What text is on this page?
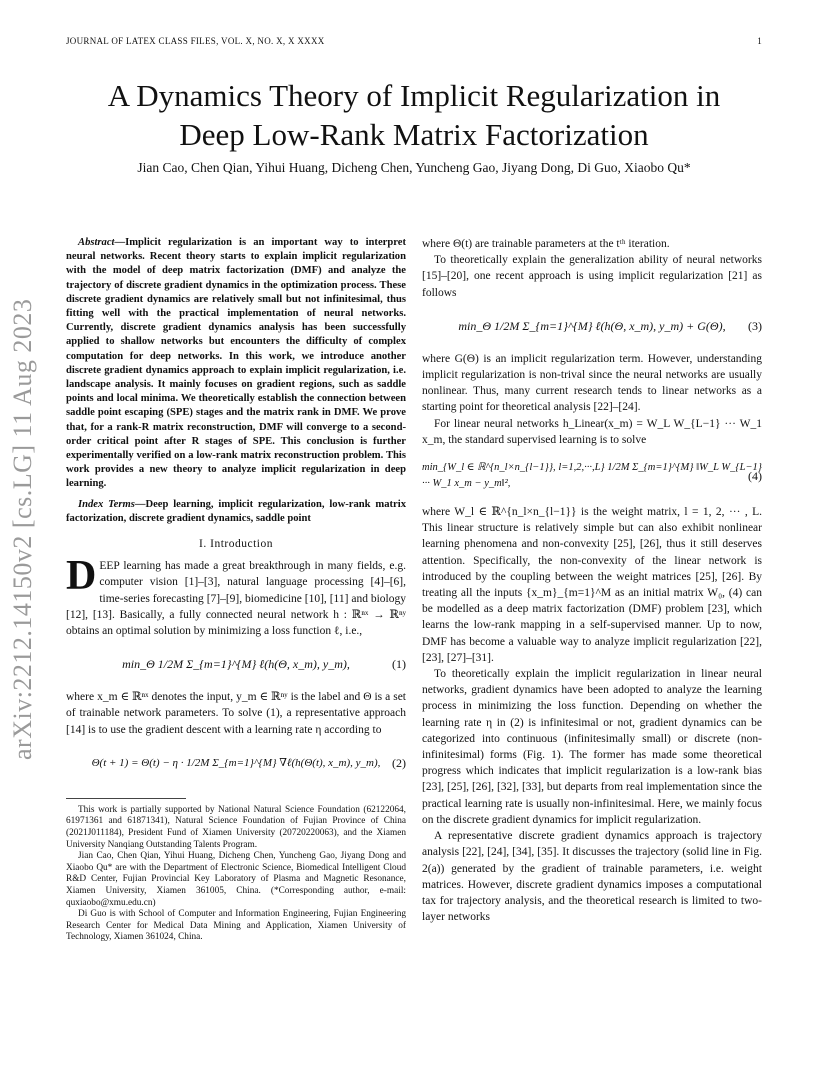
JOURNAL OF LATEX CLASS FILES, VOL. X, NO. X, X XXXX	1
A Dynamics Theory of Implicit Regularization in
Deep Low-Rank Matrix Factorization
Jian Cao, Chen Qian, Yihui Huang, Dicheng Chen, Yuncheng Gao, Jiyang Dong, Di Guo, Xiaobo Qu*
arXiv:2212.14150v2 [cs.LG] 11 Aug 2023
Abstract—Implicit regularization is an important way to interpret neural networks. Recent theory starts to explain implicit regularization with the model of deep matrix factorization (DMF) and analyze the trajectory of discrete gradient dynamics in the optimization process. These discrete gradient dynamics are relatively small but not infinitesimal, thus fitting well with the practical implementation of neural networks. Currently, discrete gradient dynamics analysis has been successfully applied to shallow networks but encounters the difficulty of complex computation for deep networks. In this work, we introduce another discrete gradient dynamics approach to explain implicit regularization, i.e. landscape analysis. It mainly focuses on gradient regions, such as saddle points and local minima. We theoretically establish the connection between saddle point escaping (SPE) stages and the matrix rank in DMF. We prove that, for a rank-R matrix reconstruction, DMF will converge to a second-order critical point after R stages of SPE. This conclusion is further experimentally verified on a low-rank matrix reconstruction problem. This work provides a new theory to analyze implicit regularization in deep learning.
Index Terms—Deep learning, implicit regularization, low-rank matrix factorization, discrete gradient dynamics, saddle point
I. Introduction

DEEP learning has made a great breakthrough in many fields, e.g. computer vision [1]–[3], natural language processing [4]–[6], time-series forecasting [7]–[9], biomedicine [10], [11] and biology [12], [13]. Basically, a fully connected neural network h : ℝⁿˣ → ℝⁿʸ obtains an optimal solution by minimizing a loss function ℓ, i.e.,

min_Θ 1/2M Σ_{m=1}^{M} ℓ(h(Θ, x_m), y_m),	(1)

where x_m ∈ ℝⁿˣ denotes the input, y_m ∈ ℝⁿʸ is the label and Θ is a set of trainable network parameters. To solve (1), a representative approach [14] is to use the gradient descent with a learning rate η according to

Θ(t + 1) = Θ(t) − η · 1/2M Σ_{m=1}^{M} ∇ℓ(h(Θ(t), x_m), y_m), (2)

This work is partially supported by National Natural Science Foundation (62122064, 61971361 and 61871341), Natural Science Foundation of Fujian Province of China (2021J011184), President Fund of Xiamen University (20720220063), and the Xiamen University Nanqiang Outstanding Talents Program.

Jian Cao, Chen Qian, Yihui Huang, Dicheng Chen, Yuncheng Gao, Jiyang Dong and Xiaobo Qu* are with the Department of Electronic Science, Biomedical Intelligent Cloud R&D Center, Fujian Provincial Key Laboratory of Plasma and Magnetic Resonance, Xiamen University, Xiamen 361005, China. (*Corresponding author, e-mail: quxiaobo@xmu.edu.cn)

Di Guo is with School of Computer and Information Engineering, Fujian Engineering Research Center for Medical Data Mining and Application, Xiamen University of Technology, Xiamen 361024, China.

where Θ(t) are trainable parameters at the tᵗʰ iteration.

To theoretically explain the generalization ability of neural networks [15]–[20], one recent approach is using implicit regularization [21] as follows

min_Θ 1/2M Σ_{m=1}^{M} ℓ(h(Θ, x_m), y_m) + G(Θ), (3)

where G(Θ) is an implicit regularization term. However, understanding implicit regularization is non-trival since the neural networks are usually nonlinear. Thus, many current research tends to linear networks as a starting point for theoretical analysis [22]–[24].

For linear neural networks h_Linear(x_m) = W_L W_{L−1} ··· W_1 x_m, the standard supervised learning is to solve

min_{W_l ∈ ℝ^{n_l×n_{l−1}}, l=1,2,···,L} 1/2M Σ_{m=1}^{M} ‖W_L W_{L−1} ··· W_1 x_m − y_m‖²,
(4)

where W_l ∈ ℝ^{n_l×n_{l−1}} is the weight matrix, l = 1, 2, ··· , L. This linear structure is relatively simple but can also exhibit nonlinear learning phenomena and non-convexity [25], [26], thus it still deserves attention. Specifically, the non-convexity of the linear network is introduced by the coupling between the weight matrices [25], [26]. By treating all the inputs {x_m}_{m=1}^M as an initial matrix W₀, (4) can be modelled as a deep matrix factorization (DMF) problem [23], which learns the low-rank mapping in a self-supervised manner. Up to now, DMF has become a valuable way to analyze implicit regularization [22], [23], [27]–[31].

To theoretically explain the implicit regularization in linear neural networks, gradient dynamics have been adopted to analyze the learning process in minimizing the loss function. Depending on whether the learning rate η in (2) is infinitesimal or not, gradient dynamics can be categorized into continuous (infinitesimally small) or discrete (non-infinitesimal) forms (Fig. 1). The former has made some theoretical progress which indicates that implicit regularization is a low-rank bias [23], [25], [26], [32], [33], but departs from real implementation since the practical learning rate is usually non-infinitesimal. Here, we mainly focus on the discrete gradient dynamics for implicit regularization.

A representative discrete gradient dynamics approach is trajectory analysis [22], [24], [34], [35]. It discusses the trajectory (solid line in Fig. 2(a)) generated by the gradient of trainable parameters, i.e. weight matrices. However, discrete gradient dynamics imposes a computational tax for trajectory analysis, and the theoretical research is limited to two-layer networks
